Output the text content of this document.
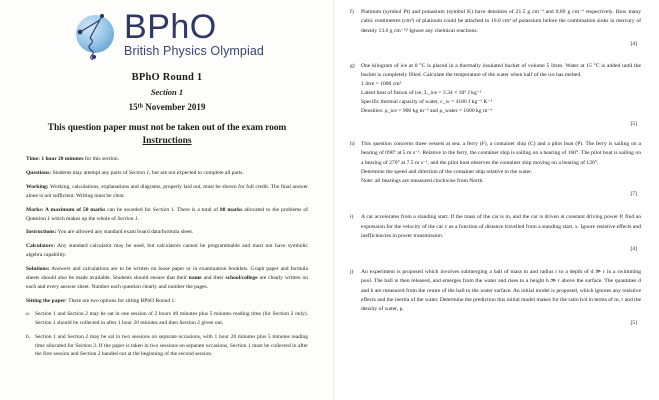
BPhO
British Physics Olympiad
BPhO Round 1
Section 1
15th November 2019
This question paper must not be taken out of the exam room
Instructions

Time: 1 hour 20 minutes for this section.

Questions: Students may attempt any parts of Section 1, but are not expected to complete all parts.

Working: Working, calculations, explanations and diagrams, properly laid out, must be shown for full credit. The final answer alone is not sufficient. Writing must be clear.

Marks: A maximum of 50 marks can be awarded for Section 1. There is a total of 88 marks allocated to the problems of Question 1 which makes up the whole of Section 1.

Instructions: You are allowed any standard exam board data/formula sheet.

Calculators: Any standard calculator may be used, but calculators cannot be programmable and must not have symbolic algebra capability.

Solutions: Answers and calculations are to be written on loose paper or in examination booklets. Graph paper and formula sheets should also be made available. Students should ensure that their name and their school/college are clearly written on each and every answer sheet. Number each question clearly and number the pages.

Sitting the paper: There are two options for sitting BPhO Round 1:

a. Section 1 and Section 2 may be sat in one session of 2 hours 40 minutes plus 5 minutes reading time (for Section 2 only). Section 1 should be collected in after 1 hour 20 minutes and then Section 2 given out.
b. Section 1 and Section 2 may be sat in two sessions on separate occasions, with 1 hour 20 minutes plus 5 minutes reading time allocated for Section 2. If the paper is taken in two sessions on separate occasions, Section 1 must be collected in after the first session and Section 2 handed out at the beginning of the second session.
f) Platinum (symbol Pt) and potassium (symbol K) have densities of 21.5 g cm⁻³ and 0.89 g cm⁻³ respectively. How many cubic centimetres (cm³) of platinum could be attached to 10.0 cm³ of potassium before the combination sinks in mercury of density 13.6 g cm⁻³? Ignore any chemical reactions.
[4]
g) One kilogram of ice at 0 °C is placed in a thermally insulated bucket of volume 5 litres. Water at 15 °C is added until the bucket is completely filled. Calculate the temperature of the water when half of the ice has melted.
1 litre = 1000 cm³
Latent heat of fusion of ice, L_ice = 3.34 × 10⁵ J kg⁻¹
Specific thermal capacity of water, c_w = 4180 J kg⁻¹ K⁻¹
Densities: ρ_ice = 900 kg m⁻³ and ρ_water = 1000 kg m⁻³
[5]
h) This question concerns three vessels at sea: a ferry (F), a container ship (C) and a pilot boat (P). The ferry is sailing on a bearing of 090° at 5 m s⁻¹. Relative to the ferry, the container ship is sailing on a bearing of 160°. The pilot boat is sailing on a bearing of 270° at 7.5 m s⁻¹, and the pilot boat observes the container ship moving on a bearing of 120°.
Determine the speed and direction of the container ship relative to the water.
Note: all bearings are measured clockwise from North.
[7]
i) A car accelerates from a standing start. If the mass of the car is m, and the car is driven at constant driving power P, find an expression for the velocity of the car v as a function of distance travelled from a standing start, x. Ignore resistive effects and inefficiencies in power transmission.
[4]
j) An experiment is proposed which involves submerging a ball of mass m and radius r to a depth of d ≫ r in a swimming pool. The ball is then released, and emerges from the water and rises to a height h ≫ r above the surface. The quantities d and h are measured from the centre of the ball to the water surface. An initial model is proposed, which ignores any resistive effects and the inertia of the water. Determine the prediction this initial model makes for the ratio h/d in terms of m, r and the density of water, ρ.
[5]
